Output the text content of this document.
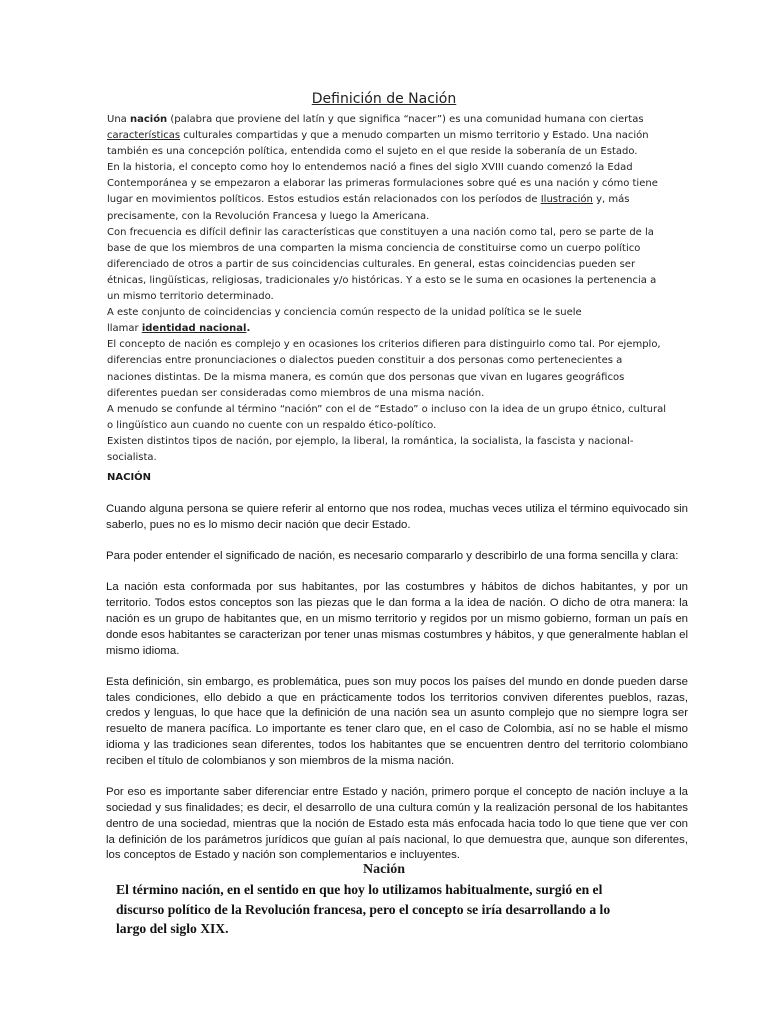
Definición de Nación

Una nación (palabra que proviene del latín y que significa “nacer”) es una comunidad humana con ciertas características culturales compartidas y que a menudo comparten un mismo territorio y Estado. Una nación también es una concepción política, entendida como el sujeto en el que reside la soberanía de un Estado.

En la historia, el concepto como hoy lo entendemos nació a fines del siglo XVIII cuando comenzó la Edad Contemporánea y se empezaron a elaborar las primeras formulaciones sobre qué es una nación y cómo tiene lugar en movimientos políticos. Estos estudios están relacionados con los períodos de Ilustración y, más precisamente, con la Revolución Francesa y luego la Americana.

Con frecuencia es difícil definir las características que constituyen a una nación como tal, pero se parte de la base de que los miembros de una comparten la misma conciencia de constituirse como un cuerpo político diferenciado de otros a partir de sus coincidencias culturales. En general, estas coincidencias pueden ser étnicas, lingüísticas, religiosas, tradicionales y/o históricas. Y a esto se le suma en ocasiones la pertenencia a un mismo territorio determinado.

A este conjunto de coincidencias y conciencia común respecto de la unidad política se le suele
llamar identidad nacional.

El concepto de nación es complejo y en ocasiones los criterios difieren para distinguirlo como tal. Por ejemplo, diferencias entre pronunciaciones o dialectos pueden constituir a dos personas como pertenecientes a naciones distintas. De la misma manera, es común que dos personas que vivan en lugares geográficos diferentes puedan ser consideradas como miembros de una misma nación.

A menudo se confunde al término “nación” con el de “Estado” o incluso con la idea de un grupo étnico, cultural o lingüístico aun cuando no cuente con un respaldo ético-político.

Existen distintos tipos de nación, por ejemplo, la liberal, la romántica, la socialista, la fascista y nacional-socialista.

NACIÓN

Cuando alguna persona se quiere referir al entorno que nos rodea, muchas veces utiliza el término equivocado sin saberlo, pues no es lo mismo decir nación que decir Estado.

Para poder entender el significado de nación, es necesario compararlo y describirlo de una forma sencilla y clara:

La nación esta conformada por sus habitantes, por las costumbres y hábitos de dichos habitantes, y por un territorio. Todos estos conceptos son las piezas que le dan forma a la idea de nación. O dicho de otra manera: la nación es un grupo de habitantes que, en un mismo territorio y regidos por un mismo gobierno, forman un país en donde esos habitantes se caracterizan por tener unas mismas costumbres y hábitos, y que generalmente hablan el mismo idioma.

Esta definición, sin embargo, es problemática, pues son muy pocos los países del mundo en donde pueden darse tales condiciones, ello debido a que en prácticamente todos los territorios conviven diferentes pueblos, razas, credos y lenguas, lo que hace que la definición de una nación sea un asunto complejo que no siempre logra ser resuelto de manera pacífica. Lo importante es tener claro que, en el caso de Colombia, así no se hable el mismo idioma y las tradiciones sean diferentes, todos los habitantes que se encuentren dentro del territorio colombiano reciben el título de colombianos y son miembros de la misma nación.

Por eso es importante saber diferenciar entre Estado y nación, primero porque el concepto de nación incluye a la sociedad y sus finalidades; es decir, el desarrollo de una cultura común y la realización personal de los habitantes dentro de una sociedad, mientras que la noción de Estado esta más enfocada hacia todo lo que tiene que ver con la definición de los parámetros jurídicos que guían al país nacional, lo que demuestra que, aunque son diferentes, los conceptos de Estado y nación son complementarios e incluyentes.

Nación
El término nación, en el sentido en que hoy lo utilizamos habitualmente, surgió en el discurso político de la Revolución francesa, pero el concepto se iría desarrollando a lo largo del siglo XIX.
